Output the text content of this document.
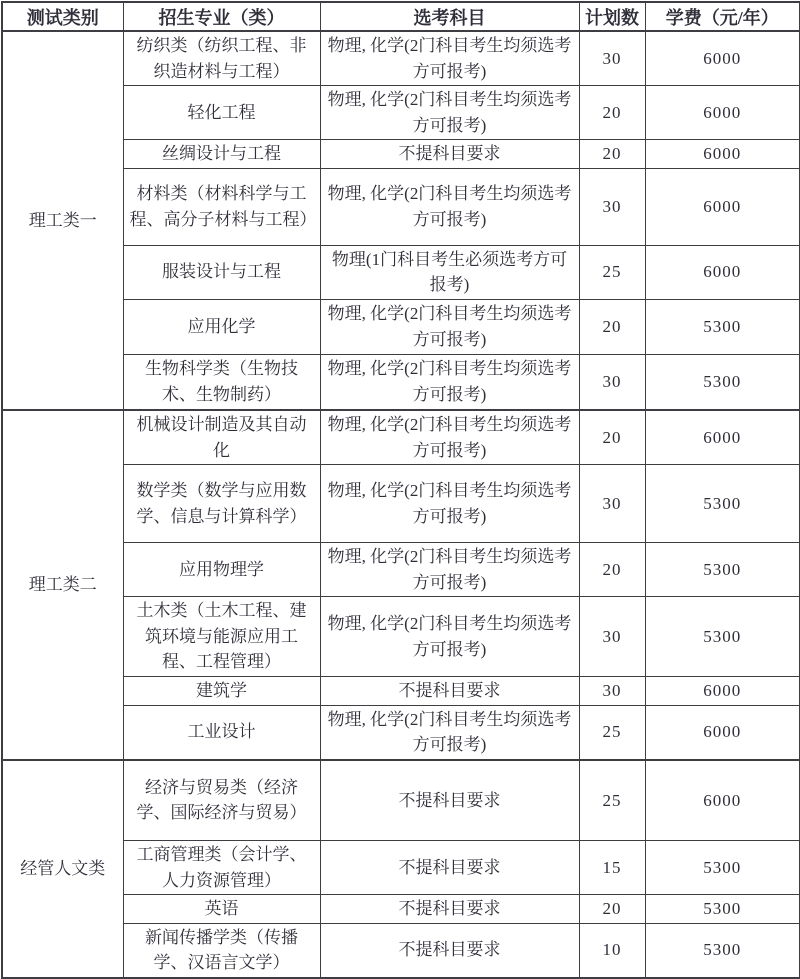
测试类别	招生专业（类）	选考科目	计划数	学费（元/年）
理工类一	纺织类（纺织工程、非织造材料与工程）	物理, 化学(2门科目考生均须选考方可报考)	30	6000
	轻化工程	物理, 化学(2门科目考生均须选考方可报考)	20	6000
	丝绸设计与工程	不提科目要求	20	6000
	材料类（材料科学与工程、高分子材料与工程）	物理, 化学(2门科目考生均须选考方可报考)	30	6000
	服装设计与工程	物理(1门科目考生必须选考方可报考)	25	6000
	应用化学	物理, 化学(2门科目考生均须选考方可报考)	20	5300
	生物科学类（生物技术、生物制药）	物理, 化学(2门科目考生均须选考方可报考)	30	5300
理工类二	机械设计制造及其自动化	物理, 化学(2门科目考生均须选考方可报考)	20	6000
	数学类（数学与应用数学、信息与计算科学）	物理, 化学(2门科目考生均须选考方可报考)	30	5300
	应用物理学	物理, 化学(2门科目考生均须选考方可报考)	20	5300
	土木类（土木工程、建筑环境与能源应用工程、工程管理）	物理, 化学(2门科目考生均须选考方可报考)	30	5300
	建筑学	不提科目要求	30	6000
	工业设计	物理, 化学(2门科目考生均须选考方可报考)	25	6000
经管人文类	经济与贸易类（经济学、国际经济与贸易）	不提科目要求	25	6000
	工商管理类（会计学、人力资源管理）	不提科目要求	15	5300
	英语	不提科目要求	20	5300
	新闻传播学类（传播学、汉语言文学）	不提科目要求	10	5300
